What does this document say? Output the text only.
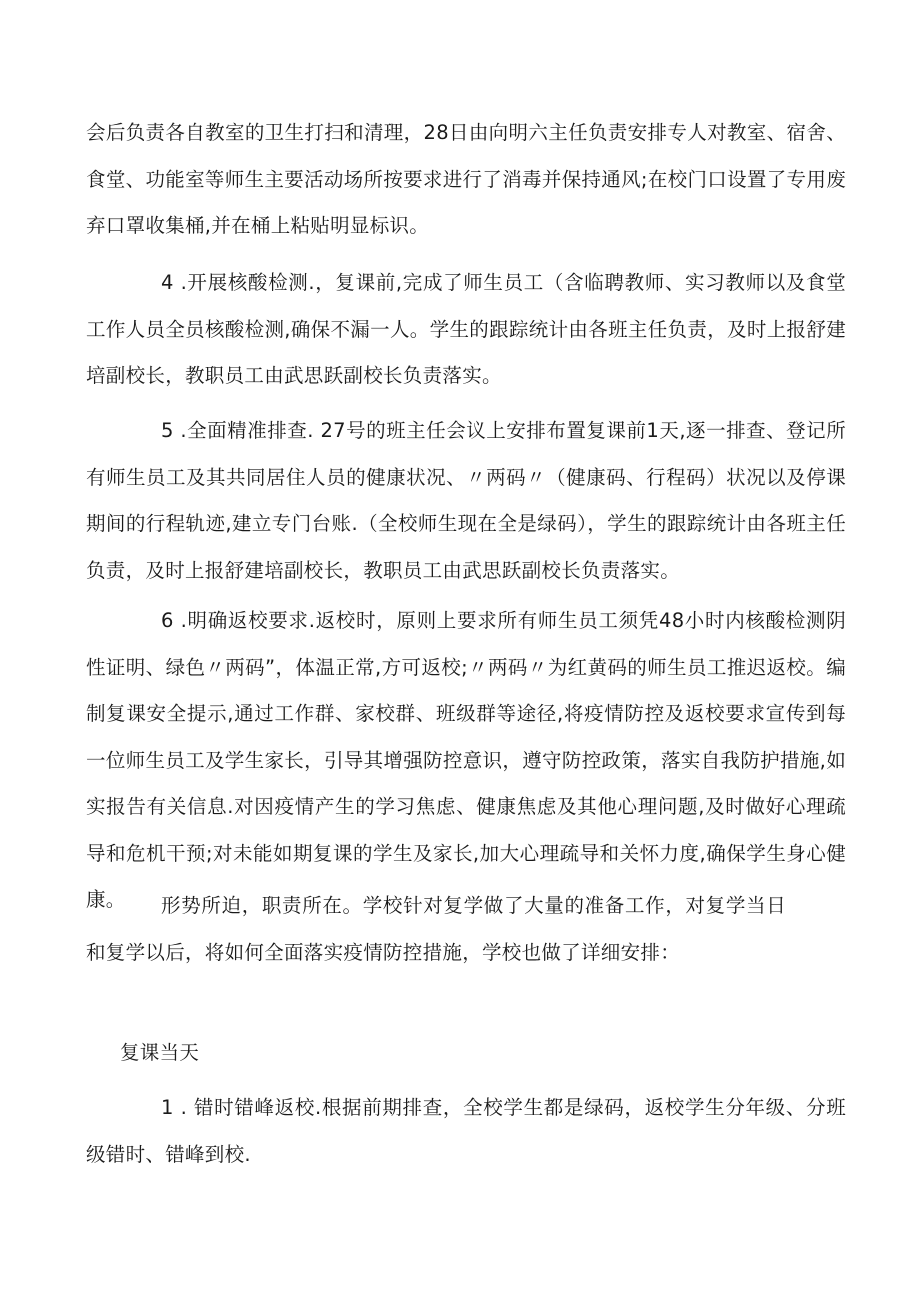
会后负责各自教室的卫生打扫和清理，28日由向明六主任负责安排专人对教室、宿舍、食堂、功能室等师生主要活动场所按要求进行了消毒并保持通风;在校门口设置了专用废弃口罩收集桶,并在桶上粘贴明显标识。

4 .开展核酸检测.，复课前,完成了师生员工（含临聘教师、实习教师以及食堂工作人员全员核酸检测,确保不漏一人。学生的跟踪统计由各班主任负责，及时上报舒建培副校长，教职员工由武思跃副校长负责落实。

5 .全面精准排查. 27号的班主任会议上安排布置复课前1天,逐一排查、登记所有师生员工及其共同居住人员的健康状况、〃两码〃（健康码、行程码）状况以及停课期间的行程轨迹,建立专门台账.（全校师生现在全是绿码），学生的跟踪统计由各班主任负责，及时上报舒建培副校长，教职员工由武思跃副校长负责落实。

6 .明确返校要求.返校时，原则上要求所有师生员工须凭48小时内核酸检测阴性证明、绿色〃两码”，体温正常,方可返校;〃两码〃为红黄码的师生员工推迟返校。编制复课安全提示,通过工作群、家校群、班级群等途径,将疫情防控及返校要求宣传到每一位师生员工及学生家长，引导其增强防控意识，遵守防控政策，落实自我防护措施,如实报告有关信息.对因疫情产生的学习焦虑、健康焦虑及其他心理问题,及时做好心理疏导和危机干预;对未能如期复课的学生及家长,加大心理疏导和关怀力度,确保学生身心健康。	形势所迫，职责所在。学校针对复学做了大量的准备工作，对复学当日和复学以后，将如何全面落实疫情防控措施，学校也做了详细安排：

复课当天

1 . 错时错峰返校.根据前期排查，全校学生都是绿码，返校学生分年级、分班级错时、错峰到校.
